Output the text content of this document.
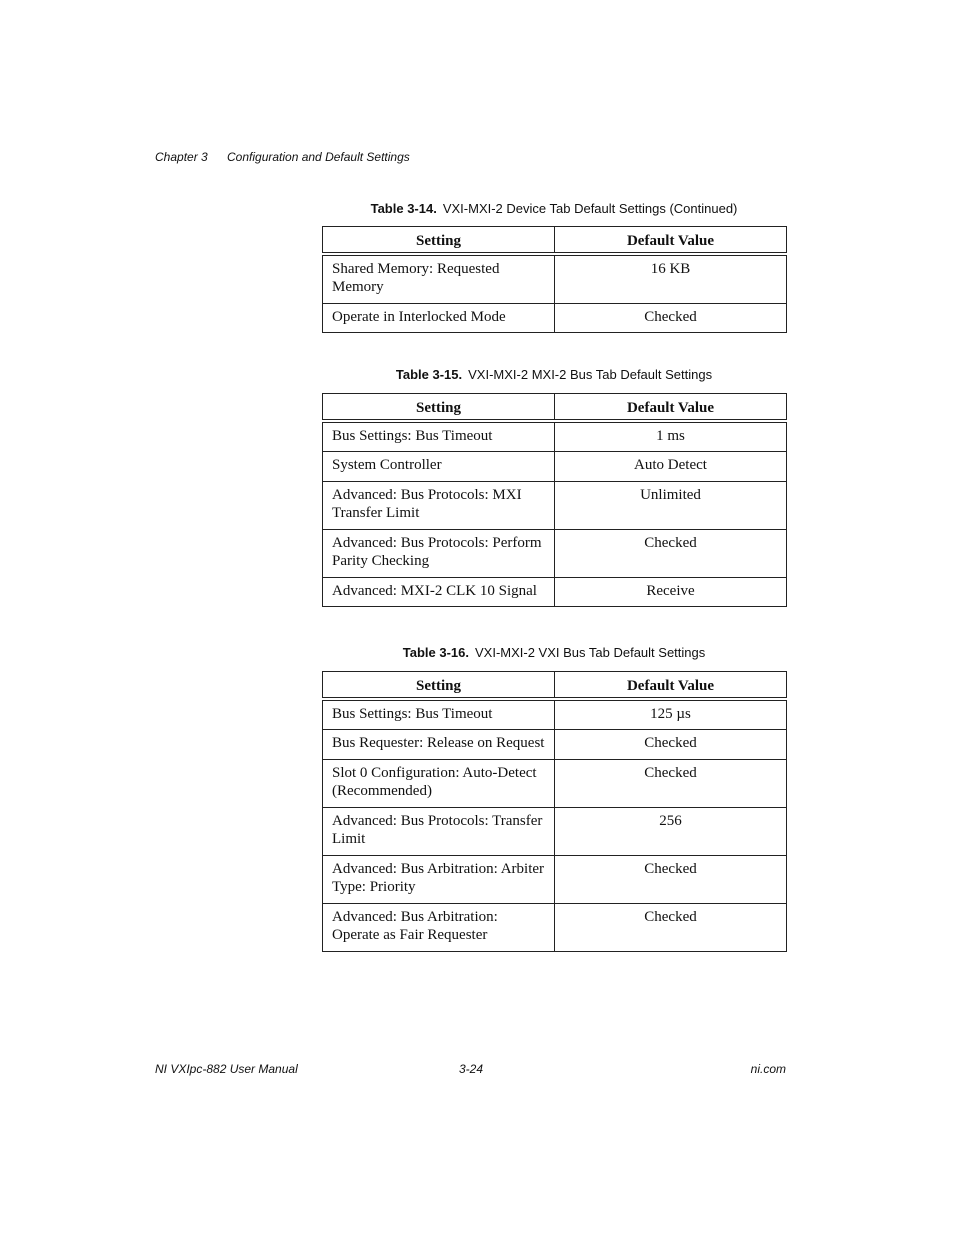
Chapter 3 Configuration and Default Settings
Table 3-14. VXI-MXI-2 Device Tab Default Settings (Continued)
Setting	Default Value
Shared Memory: Requested Memory	16 KB
Operate in Interlocked Mode	Checked
Table 3-15. VXI-MXI-2 MXI-2 Bus Tab Default Settings
Setting	Default Value
Bus Settings: Bus Timeout	1 ms
System Controller	Auto Detect
Advanced: Bus Protocols: MXI Transfer Limit	Unlimited
Advanced: Bus Protocols: Perform Parity Checking	Checked
Advanced: MXI-2 CLK 10 Signal	Receive
Table 3-16. VXI-MXI-2 VXI Bus Tab Default Settings
Setting	Default Value
Bus Settings: Bus Timeout	125 µs
Bus Requester: Release on Request	Checked
Slot 0 Configuration: Auto-Detect (Recommended)	Checked
Advanced: Bus Protocols: Transfer Limit	256
Advanced: Bus Arbitration: Arbiter Type: Priority	Checked
Advanced: Bus Arbitration: Operate as Fair Requester	Checked
NI VXIpc-882 User Manual	3-24	ni.com
